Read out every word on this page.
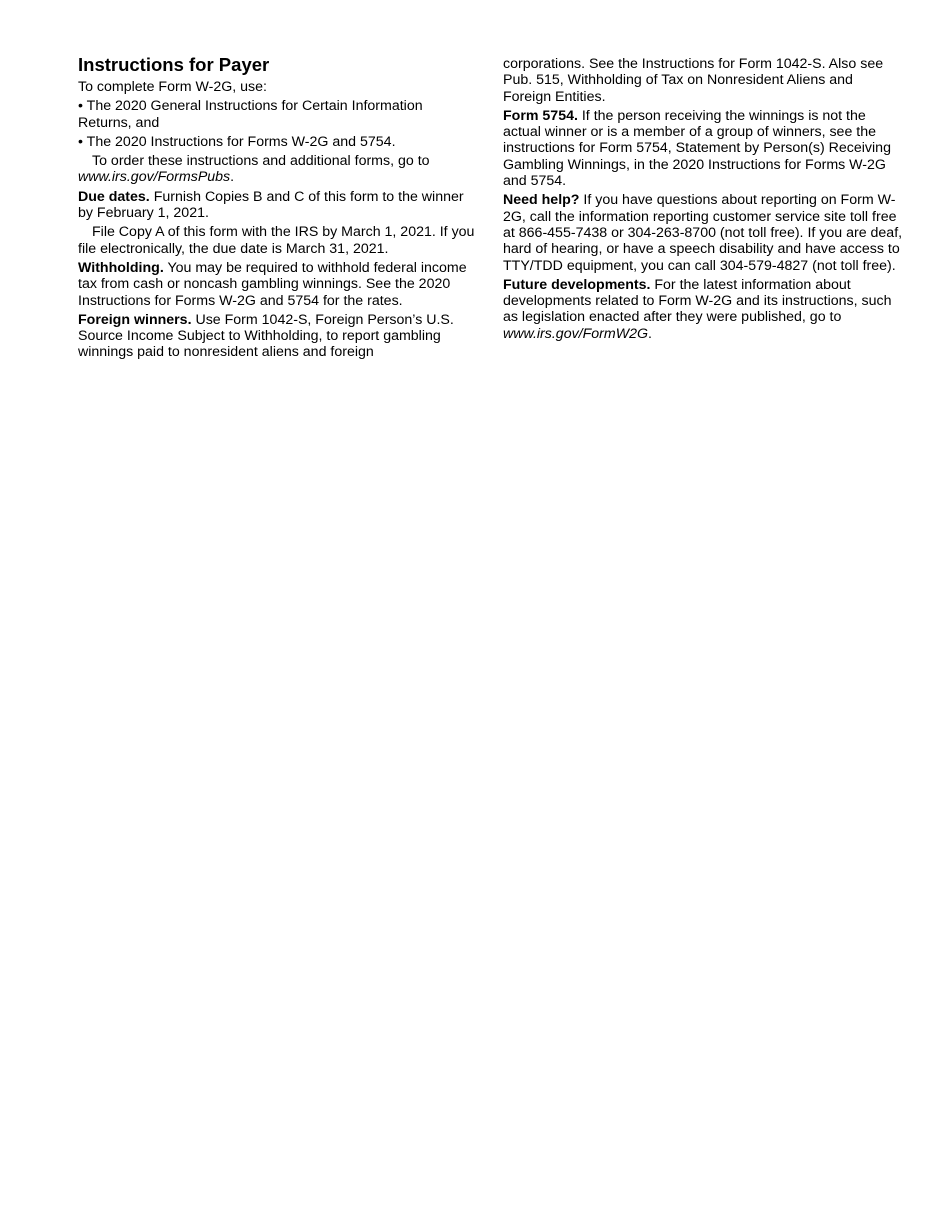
Instructions for Payer

To complete Form W-2G, use:

• The 2020 General Instructions for Certain Information Returns, and

• The 2020 Instructions for Forms W-2G and 5754.

To order these instructions and additional forms, go to www.irs.gov/FormsPubs.

Due dates. Furnish Copies B and C of this form to the winner by February 1, 2021.

File Copy A of this form with the IRS by March 1, 2021. If you file electronically, the due date is March 31, 2021.

Withholding. You may be required to withhold federal income tax from cash or noncash gambling winnings. See the 2020 Instructions for Forms W-2G and 5754 for the rates.

Foreign winners. Use Form 1042-S, Foreign Person’s U.S. Source Income Subject to Withholding, to report gambling winnings paid to nonresident aliens and foreign

corporations. See the Instructions for Form 1042-S. Also see Pub. 515, Withholding of Tax on Nonresident Aliens and Foreign Entities.

Form 5754. If the person receiving the winnings is not the actual winner or is a member of a group of winners, see the instructions for Form 5754, Statement by Person(s) Receiving Gambling Winnings, in the 2020 Instructions for Forms W-2G and 5754.

Need help? If you have questions about reporting on Form W-2G, call the information reporting customer service site toll free at 866-455-7438 or 304-263-8700 (not toll free). If you are deaf, hard of hearing, or have a speech disability and have access to TTY/TDD equipment, you can call 304-579-4827 (not toll free).

Future developments. For the latest information about developments related to Form W-2G and its instructions, such as legislation enacted after they were published, go to www.irs.gov/FormW2G.
